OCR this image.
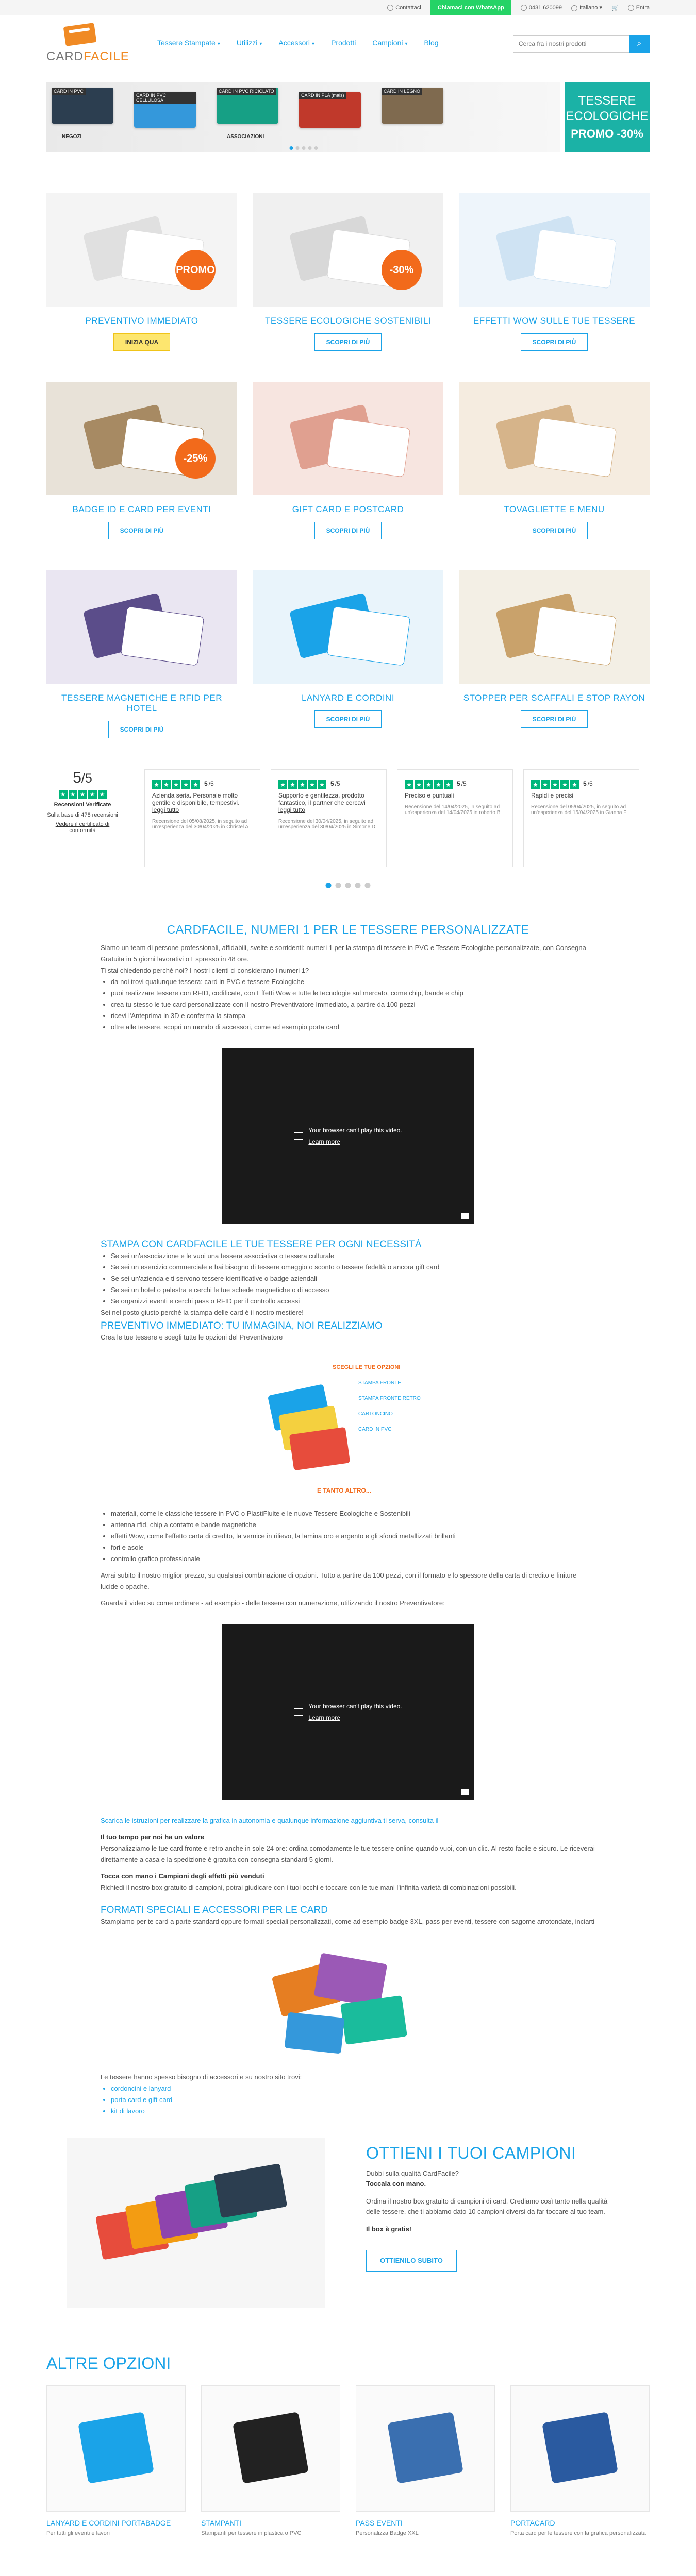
Contattaci	Chiamaci con WhatsApp	0431 620099	Italiano ▾ 🛒	Entra
CARDFACILE
Tessere Stampate ▾ Utilizzi ▾ Accessori ▾ Prodotti Campioni ▾ Blog
Cerca fra i nostri prodotti	⌕
CARD IN PVC
CARD IN PVC CELLULOSA
CARD IN PVC RICICLATO
CARD IN PLA (mais)
CARD IN LEGNO
NEGOZI	ASSOCIAZIONI
TESSERE ECOLOGICHE
PROMO -30%
PROMO
PREVENTIVO IMMEDIATO
INIZIA QUA
-30%
TESSERE ECOLOGICHE SOSTENIBILI
SCOPRI DI PIÙ
EFFETTI WOW SULLE TUE TESSERE
SCOPRI DI PIÙ
-25%
BADGE ID E CARD PER EVENTI
SCOPRI DI PIÙ
GIFT CARD E POSTCARD
SCOPRI DI PIÙ
TOVAGLIETTE E MENU
SCOPRI DI PIÙ
TESSERE MAGNETICHE E RFID PER HOTEL
SCOPRI DI PIÙ
LANYARD E CORDINI
SCOPRI DI PIÙ
STOPPER PER SCAFFALI E STOP RAYON
SCOPRI DI PIÙ
5/5
★ ★ ★ ★ ★
Recensioni Verificate
Sulla base di 478 recensioni
Vedere il certificato di conformità
★ ★ ★ ★ ★ 5 /5
Azienda seria. Personale molto gentile e disponibile, tempestivi.
leggi tutto
Recensione del 05/08/2025, in seguito ad un'esperienza del 30/04/2025 in Christel A
★ ★ ★ ★ ★ 5 /5
Supporto e gentilezza, prodotto fantastico, il partner che cercavi
leggi tutto
Recensione del 30/04/2025, in seguito ad un'esperienza del 30/04/2025 in Simone D
★ ★ ★ ★ ★ 5 /5
Preciso e puntuali
Recensione del 14/04/2025, in seguito ad un'esperienza del 14/04/2025 in roberto B
★ ★ ★ ★ ★ 5 /5
Rapidi e precisi
Recensione del 05/04/2025, in seguito ad un'esperienza del 15/04/2025 in Gianna F
CARDFACILE, NUMERI 1 PER LE TESSERE PERSONALIZZATE

Siamo un team di persone professionali, affidabili, svelte e sorridenti: numeri 1 per la stampa di tessere in PVC e Tessere Ecologiche personalizzate, con Consegna Gratuita in 5 giorni lavorativi o Espresso in 48 ore.

Ti stai chiedendo perché noi? I nostri clienti ci considerano i numeri 1?

• da noi trovi qualunque tessera: card in PVC e tessere Ecologiche
• puoi realizzare tessere con RFID, codificate, con Effetti Wow e tutte le tecnologie sul mercato, come chip, bande e chip
• crea tu stesso le tue card personalizzate con il nostro Preventivatore Immediato, a partire da 100 pezzi
• ricevi l'Anteprima in 3D e conferma la stampa
• oltre alle tessere, scopri un mondo di accessori, come ad esempio porta card
Your browser can't play this video.
Learn more
STAMPA CON CARDFACILE LE TUE TESSERE PER OGNI NECESSITÀ
• Se sei un'associazione e le vuoi una tessera associativa o tessera culturale
• Se sei un esercizio commerciale e hai bisogno di tessere omaggio o sconto o tessere fedeltà o ancora gift card
• Se sei un'azienda e ti servono tessere identificative o badge aziendali
• Se sei un hotel o palestra e cerchi le tue schede magnetiche o di accesso
• Se organizzi eventi e cerchi pass o RFID per il controllo accessi

Sei nel posto giusto perché la stampa delle card è il nostro mestiere!

PREVENTIVO IMMEDIATO: TU IMMAGINA, NOI REALIZZIAMO

Crea le tue tessere e scegli tutte le opzioni del Preventivatore

SCEGLI LE TUE OPZIONI
STAMPA FRONTE
STAMPA FRONTE RETRO
CARTONCINO
CARD IN PVC
E TANTO ALTRO...
• materiali, come le classiche tessere in PVC o PlastiFluite e le nuove Tessere Ecologiche e Sostenibili
• antenna rfid, chip a contatto e bande magnetiche
• effetti Wow, come l'effetto carta di credito, la vernice in rilievo, la lamina oro e argento e gli sfondi metallizzati brillanti
• fori e asole
• controllo grafico professionale

Avrai subito il nostro miglior prezzo, su qualsiasi combinazione di opzioni. Tutto a partire da 100 pezzi, con il formato e lo spessore della carta di credito e finiture lucide o opache.

Guarda il video su come ordinare - ad esempio - delle tessere con numerazione, utilizzando il nostro Preventivatore:

Your browser can't play this video.
Learn more

Scarica le istruzioni per realizzare la grafica in autonomia e qualunque informazione aggiuntiva ti serva, consulta il

Il tuo tempo per noi ha un valore

Personalizziamo le tue card fronte e retro anche in sole 24 ore: ordina comodamente le tue tessere online quando vuoi, con un clic. Al resto facile e sicuro. Le riceverai direttamente a casa e la spedizione è gratuita con consegna standard 5 giorni.

Tocca con mano i Campioni degli effetti più venduti

Richiedi il nostro box gratuito di campioni, potrai giudicare con i tuoi occhi e toccare con le tue mani l'infinita varietà di combinazioni possibili.

FORMATI SPECIALI E ACCESSORI PER LE CARD

Stampiamo per te card a parte standard oppure formati speciali personalizzati, come ad esempio badge 3XL, pass per eventi, tessere con sagome arrotondate, inciarti

Le tessere hanno spesso bisogno di accessori e su nostro sito trovi:

• cordoncini e lanyard
• porta card e gift card
• kit di lavoro
OTTIENI I TUOI CAMPIONI

Dubbi sulla qualità CardFacile?

Toccala con mano.

Ordina il nostro box gratuito di campioni di card. Crediamo così tanto nella qualità delle tessere, che ti abbiamo dato 10 campioni diversi da far toccare al tuo team.

Il box è gratis!

OTTIENILO SUBITO
ALTRE OPZIONI
LANYARD E CORDINI PORTABADGE

Per tutti gli eventi e lavori

STAMPANTI

Stampanti per tessere in plastica o PVC

PASS EVENTI

Personalizza Badge XXL

PORTACARD

Porta card per le tessere con la grafica personalizzata
